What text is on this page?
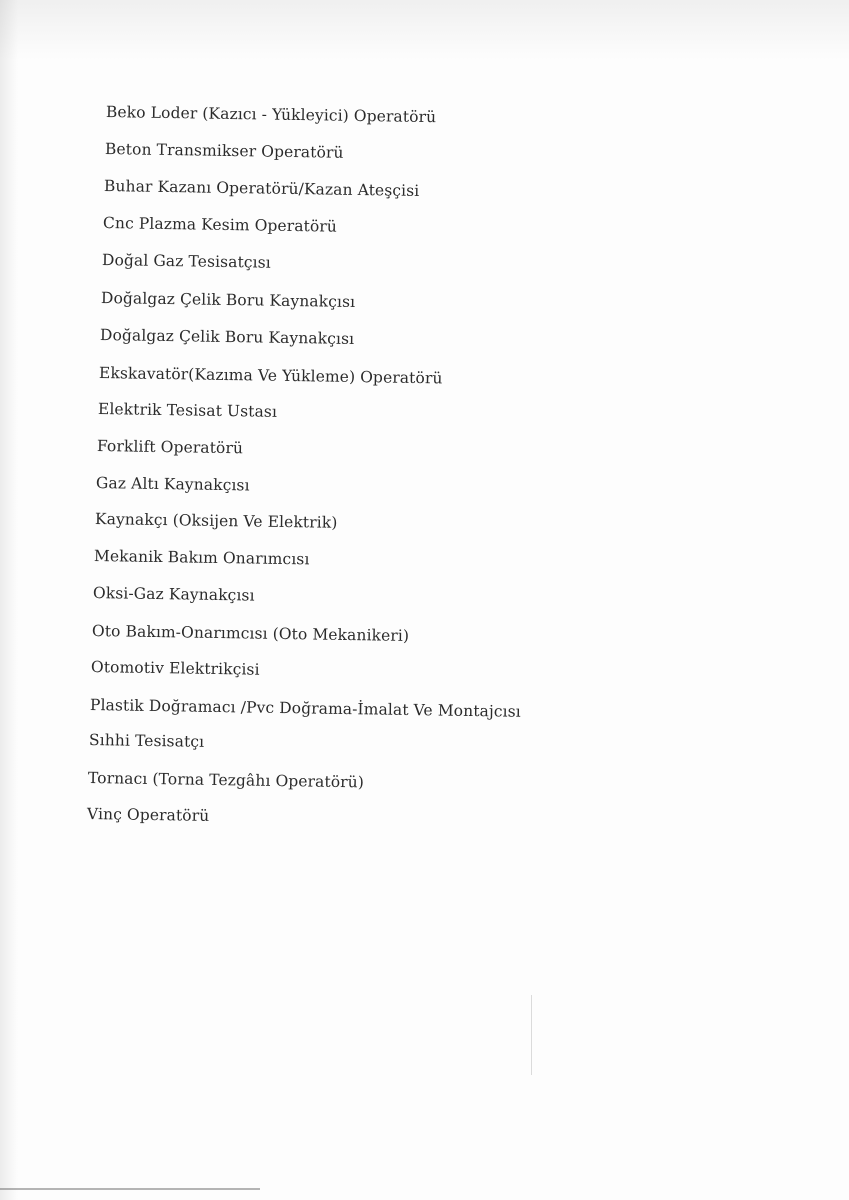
Beko Loder (Kazıcı - Yükleyici) Operatörü
Beton Transmikser Operatörü
Buhar Kazanı Operatörü/Kazan Ateşçisi
Cnc Plazma Kesim Operatörü
Doğal Gaz Tesisatçısı
Doğalgaz Çelik Boru Kaynakçısı
Doğalgaz Çelik Boru Kaynakçısı
Ekskavatör(Kazıma Ve Yükleme) Operatörü
Elektrik Tesisat Ustası
Forklift Operatörü
Gaz Altı Kaynakçısı
Kaynakçı (Oksijen Ve Elektrik)
Mekanik Bakım Onarımcısı
Oksi-Gaz Kaynakçısı
Oto Bakım-Onarımcısı (Oto Mekanikeri)
Otomotiv Elektrikçisi
Plastik Doğramacı /Pvc Doğrama-İmalat Ve Montajcısı
Sıhhi Tesisatçı
Tornacı (Torna Tezgâhı Operatörü)
Vinç Operatörü
